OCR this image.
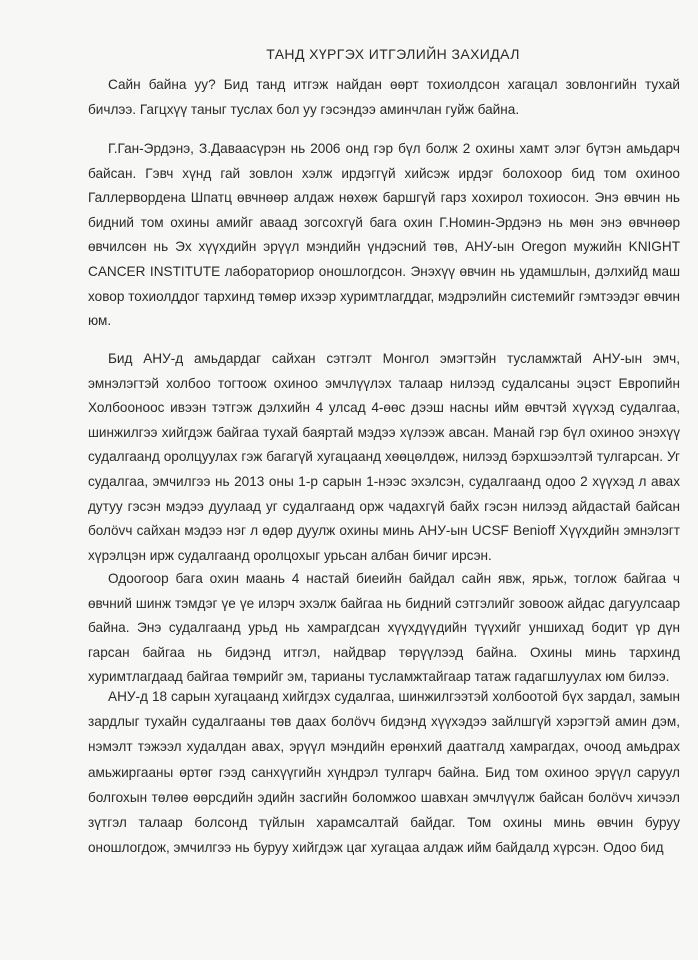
ТАНД ХҮРГЭХ ИТГЭЛИЙН ЗАХИДАЛ

Сайн байна уу? Бид танд итгэж найдан өөрт тохиолдсон хагацал зовлонгийн тухай бичлээ. Гагцхүү таныг туслах бол уу гэсэндээ аминчлан гуйж байна.

Г.Ган-Эрдэнэ, З.Даваасүрэн нь 2006 онд гэр бүл болж 2 охины хамт элэг бүтэн амьдарч байсан. Гэвч хүнд гай зовлон хэлж ирдэггүй хийсэж ирдэг болохоор бид том охиноо Галлервордена Шпатц өвчнөөр алдаж нөхөж баршгүй гарз хохирол тохиосон. Энэ өвчин нь бидний том охины амийг аваад зогсохгүй бага охин Г.Номин-Эрдэнэ нь мөн энэ өвчнөөр өвчилсөн нь Эх хүүхдийн эрүүл мэндийн үндэсний төв, АНУ-ын Oregon мужийн KNIGHT CANCER INSTITUTE лабораториор оношлогдсон. Энэхүү өвчин нь удамшлын, дэлхийд маш ховор тохиолддог тархинд төмөр ихээр хуримтлагддаг, мэдрэлийн системийг гэмтээдэг өвчин юм.

Бид АНУ-д амьдардаг сайхан сэтгэлт Монгол эмэгтэйн тусламжтай АНУ-ын эмч, эмнэлэгтэй холбоо тогтоож охиноо эмчлүүлэх талаар нилээд судалсаны эцэст Европийн Холбоонoос ивээн тэтгэж дэлхийн 4 улсад 4-өөс дээш насны ийм өвчтэй хүүхэд судалгаа, шинжилгээ хийгдэж байгаа тухай баяртай мэдээ хүлээж авсан. Манай гэр бүл охиноо энэхүү судалгаанд оролцуулах гэж багагүй хугацаанд хөөцөлдөж, нилээд бэрхшээлтэй тулгарсан. Уг судалгаа, эмчилгээ нь 2013 оны 1-р сарын 1-нээс эхэлсэн, судалгаанд одоо 2 хүүхэд л авах дутуу гэсэн мэдээ дуулаад уг судалгаанд орж чадахгүй байх гэсэн нилээд айдастай байсан болövч сайхан мэдээ нэг л өдөр дуулж охины минь АНУ-ын UCSF Benioff Хүүхдийн эмнэлэгт хүрэлцэн ирж судалгаанд оролцохыг урьсан албан бичиг ирсэн.

Одоогоор бага охин маань 4 настай биеийн байдал сайн явж, ярьж, тоглож байгаа ч өвчний шинж тэмдэг үе үе илэрч эхэлж байгаа нь бидний сэтгэлийг зовоож айдас дагуулсаар байна. Энэ судалгаанд урьд нь хамрагдсан хүүхдүүдийн түүхийг уншихад бодит үр дүн гарсан байгаа нь бидэнд итгэл, найдвар төрүүлээд байна. Охины минь тархинд хуримтлагдаад байгаа төмрийг эм, тарианы тусламжтайгаар татаж гадагшлуулах юм билээ.

АНУ-д 18 сарын хугацаанд хийгдэх судалгаа, шинжилгээтэй холбоотой бүх зардал, замын зардлыг тухайн судалгааны төв даах болövч бидэнд хүүхэдээ зайлшгүй хэрэгтэй амин дэм, нэмэлт тэжээл худалдан авах, эрүүл мэндийн ерөнхий даатгалд хамрагдах, очоод амьдрах амьжиргааны өртөг гээд санхүүгийн хүндрэл тулгарч байна. Бид том охиноо эрүүл саруул болгохын төлөө өөрсдийн эдийн засгийн боломжоо шавхан эмчлүүлж байсан болövч хичээл зүтгэл талаар болсонд түйлын харамсалтай байдаг. Том охины минь өвчин буруу оношлогдож, эмчилгээ нь буруу хийгдэж цаг хугацаа алдаж ийм байдалд хүрсэн. Одоо бид
